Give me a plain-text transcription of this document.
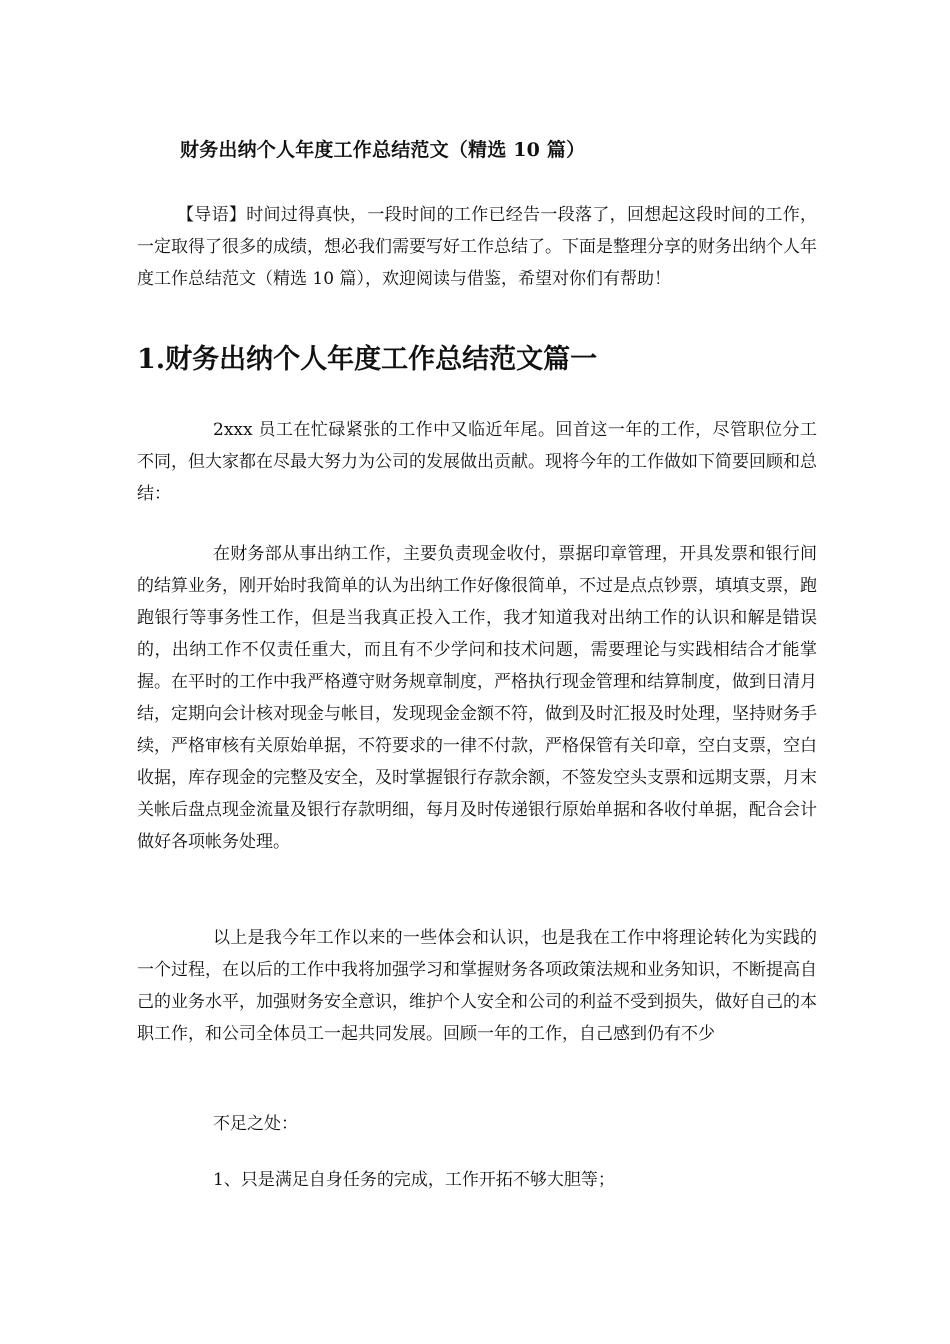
财务出纳个人年度工作总结范文（精选 10 篇）

【导语】时间过得真快，一段时间的工作已经告一段落了，回想起这段时间的工作，一定取得了很多的成绩，想必我们需要写好工作总结了。下面是整理分享的财务出纳个人年度工作总结范文（精选 10 篇），欢迎阅读与借鉴，希望对你们有帮助！

1.财务出纳个人年度工作总结范文篇一

2xxx 员工在忙碌紧张的工作中又临近年尾。回首这一年的工作，尽管职位分工不同，但大家都在尽最大努力为公司的发展做出贡献。现将今年的工作做如下简要回顾和总结：

在财务部从事出纳工作，主要负责现金收付，票据印章管理，开具发票和银行间的结算业务，刚开始时我简单的认为出纳工作好像很简单，不过是点点钞票，填填支票，跑跑银行等事务性工作，但是当我真正投入工作，我才知道我对出纳工作的认识和解是错误的，出纳工作不仅责任重大，而且有不少学问和技术问题，需要理论与实践相结合才能掌握。在平时的工作中我严格遵守财务规章制度，严格执行现金管理和结算制度，做到日清月结，定期向会计核对现金与帐目，发现现金金额不符，做到及时汇报及时处理，坚持财务手续，严格审核有关原始单据，不符要求的一律不付款，严格保管有关印章，空白支票，空白收据，库存现金的完整及安全，及时掌握银行存款余额，不签发空头支票和远期支票，月末关帐后盘点现金流量及银行存款明细，每月及时传递银行原始单据和各收付单据，配合会计做好各项帐务处理。

以上是我今年工作以来的一些体会和认识，也是我在工作中将理论转化为实践的一个过程，在以后的工作中我将加强学习和掌握财务各项政策法规和业务知识，不断提高自己的业务水平，加强财务安全意识，维护个人安全和公司的利益不受到损失，做好自己的本职工作，和公司全体员工一起共同发展。回顾一年的工作，自己感到仍有不少

不足之处：

1、只是满足自身任务的完成，工作开拓不够大胆等；
